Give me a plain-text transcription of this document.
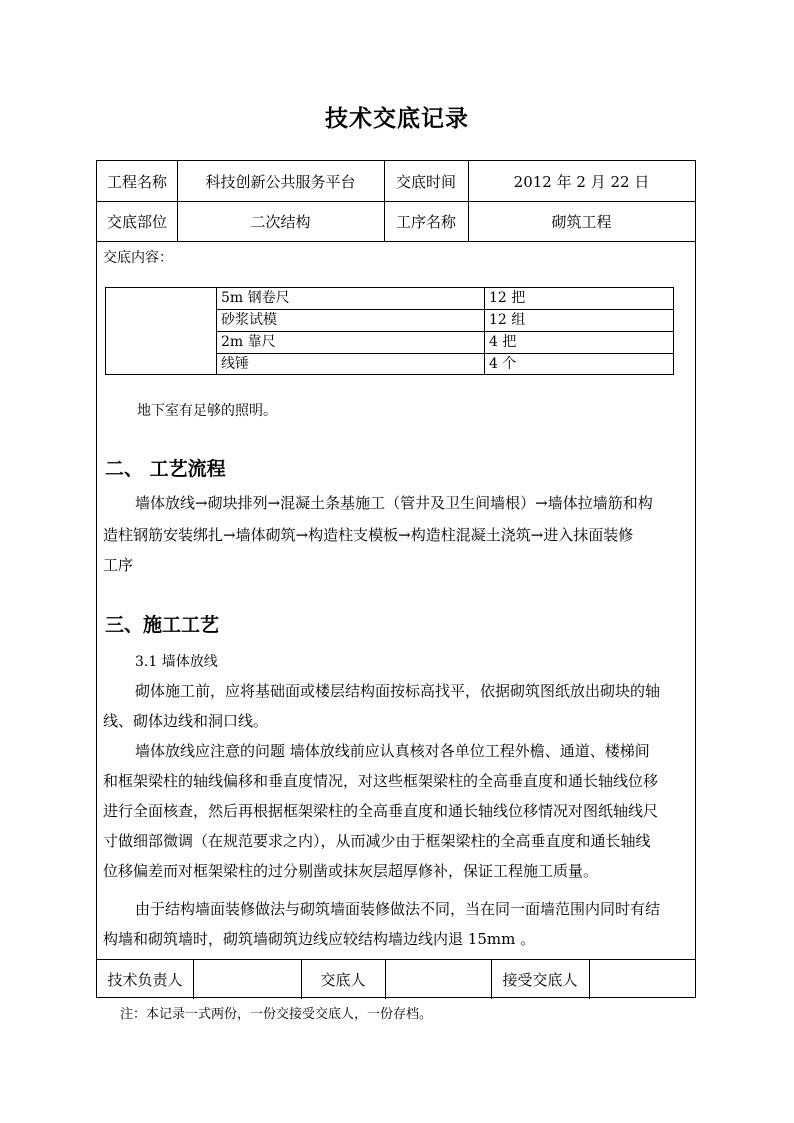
技术交底记录
工程名称	科技创新公共服务平台	交底时间	2012 年 2 月 22 日
交底部位	二次结构	工序名称	砌筑工程
交底内容：
5m 钢卷尺	12 把
砂浆试模	12 组
2m 靠尺	4 把
线锤	4 个
地下室有足够的照明。
二、 工艺流程
墙体放线→砌块排列→混凝土条基施工（管井及卫生间墙根）→墙体拉墙筋和构
造柱钢筋安装绑扎→墙体砌筑→构造柱支模板→构造柱混凝土浇筑→进入抹面装修
工序
三、施工工艺
3.1 墙体放线
砌体施工前，应将基础面或楼层结构面按标高找平，依据砌筑图纸放出砌块的轴
线、砌体边线和洞口线。
墙体放线应注意的问题 墙体放线前应认真核对各单位工程外檐、通道、楼梯间
和框架梁柱的轴线偏移和垂直度情况，对这些框架梁柱的全高垂直度和通长轴线位移
进行全面核查，然后再根据框架梁柱的全高垂直度和通长轴线位移情况对图纸轴线尺
寸做细部微调（在规范要求之内），从而减少由于框架梁柱的全高垂直度和通长轴线
位移偏差而对框架梁柱的过分剔凿或抹灰层超厚修补，保证工程施工质量。
由于结构墙面装修做法与砌筑墙面装修做法不同，当在同一面墙范围内同时有结
构墙和砌筑墙时，砌筑墙砌筑边线应较结构墙边线内退 15mm 。
技术负责人	交底人	接受交底人
注：本记录一式两份，一份交接受交底人，一份存档。
